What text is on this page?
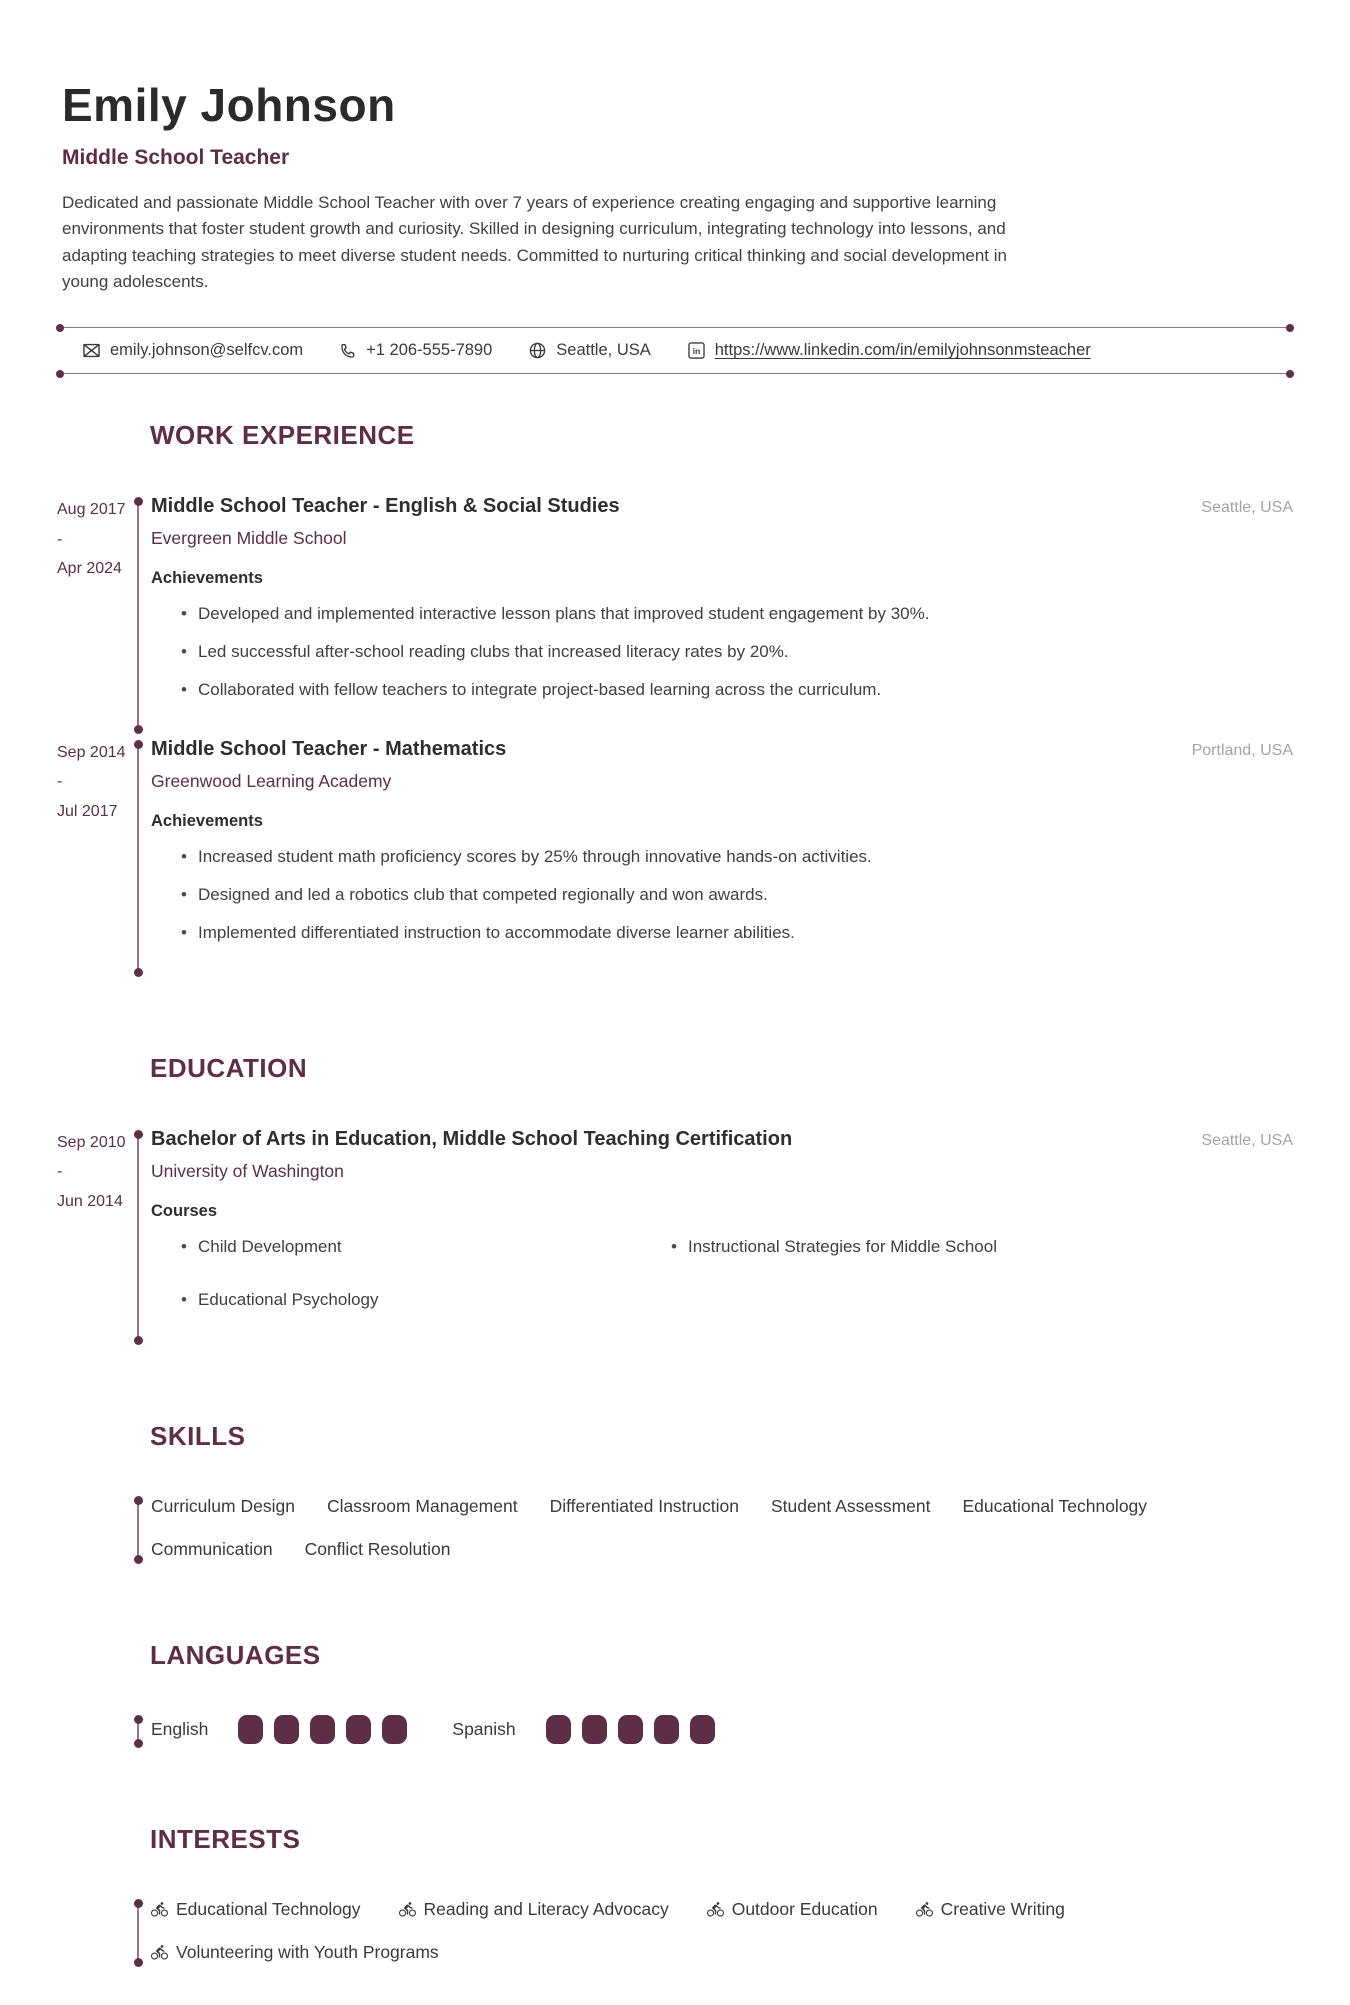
Emily Johnson
Middle School Teacher

Dedicated and passionate Middle School Teacher with over 7 years of experience creating engaging and supportive learning environments that foster student growth and curiosity. Skilled in designing curriculum, integrating technology into lessons, and adapting teaching strategies to meet diverse student needs. Committed to nurturing critical thinking and social development in young adolescents.

emily.johnson@selfcv.com	+1 206-555-7890	Seattle, USA	in https://www.linkedin.com/in/emilyjohnsonmsteacher
WORK EXPERIENCE
Aug 2017
-
Apr 2024
Middle School Teacher - English & Social Studies	Seattle, USA
Evergreen Middle School
Achievements
• Developed and implemented interactive lesson plans that improved student engagement by 30%.
• Led successful after-school reading clubs that increased literacy rates by 20%.
• Collaborated with fellow teachers to integrate project-based learning across the curriculum.
Sep 2014
-
Jul 2017
Middle School Teacher - Mathematics	Portland, USA
Greenwood Learning Academy
Achievements
• Increased student math proficiency scores by 25% through innovative hands-on activities.
• Designed and led a robotics club that competed regionally and won awards.
• Implemented differentiated instruction to accommodate diverse learner abilities.
EDUCATION
Sep 2010
-
Jun 2014
Bachelor of Arts in Education, Middle School Teaching Certification	Seattle, USA
University of Washington
Courses
• Child Development	• Instructional Strategies for Middle School
• Educational Psychology
SKILLS
Curriculum Design Classroom Management Differentiated Instruction Student Assessment Educational Technology
Communication Conflict Resolution
LANGUAGES
English	Spanish
INTERESTS
Educational Technology	Reading and Literacy Advocacy	Outdoor Education	Creative Writing
Volunteering with Youth Programs
